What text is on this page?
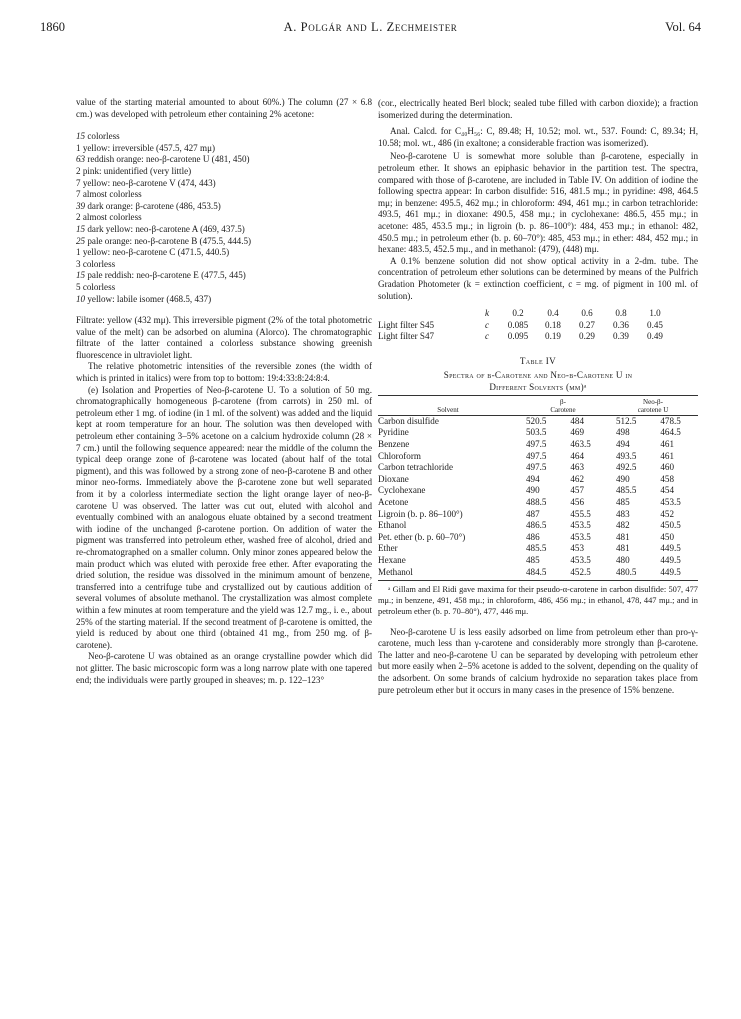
1860	A. Polgár and L. Zechmeister	Vol. 64

value of the starting material amounted to about 60%.) The column (27 × 6.8 cm.) was developed with petroleum ether containing 2% acetone:

15 colorless
1 yellow: irreversible (457.5, 427 mμ)
63 reddish orange: neo-β-carotene U (481, 450)
2 pink: unidentified (very little)
7 yellow: neo-β-carotene V (474, 443)
7 almost colorless
39 dark orange: β-carotene (486, 453.5)
2 almost colorless
15 dark yellow: neo-β-carotene A (469, 437.5)
25 pale orange: neo-β-carotene B (475.5, 444.5)
1 yellow: neo-β-carotene C (471.5, 440.5)
3 colorless
15 pale reddish: neo-β-carotene E (477.5, 445)
5 colorless
10 yellow: labile isomer (468.5, 437)

Filtrate: yellow (432 mμ). This irreversible pigment (2% of the total photometric value of the melt) can be adsorbed on alumina (Alorco). The chromatographic filtrate of the latter contained a colorless substance showing greenish fluorescence in ultraviolet light.

The relative photometric intensities of the reversible zones (the width of which is printed in italics) were from top to bottom: 19:4:33:8:24:8:4.

(e) Isolation and Properties of Neo-β-carotene U. To a solution of 50 mg. chromatographically homogeneous β-carotene (from carrots) in 250 ml. of petroleum ether 1 mg. of iodine (in 1 ml. of the solvent) was added and the liquid kept at room temperature for an hour. The solution was then developed with petroleum ether containing 3–5% acetone on a calcium hydroxide column (28 × 7 cm.) until the following sequence appeared: near the middle of the column the typical deep orange zone of β-carotene was located (about half of the total pigment), and this was followed by a strong zone of neo-β-carotene B and other minor neo-forms. Immediately above the β-carotene zone but well separated from it by a colorless intermediate section the light orange layer of neo-β-carotene U was observed. The latter was cut out, eluted with alcohol and eventually combined with an analogous eluate obtained by a second treatment with iodine of the unchanged β-carotene portion. On addition of water the pigment was transferred into petroleum ether, washed free of alcohol, dried and re-chromatographed on a smaller column. Only minor zones appeared below the main product which was eluted with peroxide free ether. After evaporating the dried solution, the residue was dissolved in the minimum amount of benzene, transferred into a centrifuge tube and crystallized out by cautious addition of several volumes of absolute methanol. The crystallization was almost complete within a few minutes at room temperature and the yield was 12.7 mg., i. e., about 25% of the starting material. If the second treatment of β-carotene is omitted, the yield is reduced by about one third (obtained 41 mg., from 250 mg. of β-carotene).

Neo-β-carotene U was obtained as an orange crystalline powder which did not glitter. The basic microscopic form was a long narrow plate with one tapered end; the individuals were partly grouped in sheaves; m. p. 122–123°

(cor., electrically heated Berl block; sealed tube filled with carbon dioxide); a fraction isomerized during the determination.

Anal. Calcd. for C₄₀H₅₆: C, 89.48; H, 10.52; mol. wt., 537. Found: C, 89.34; H, 10.58; mol. wt., 486 (in exaltone; a considerable fraction was isomerized).

Neo-β-carotene U is somewhat more soluble than β-carotene, especially in petroleum ether. It shows an epiphasic behavior in the partition test. The spectra, compared with those of β-carotene, are included in Table IV. On addition of iodine the following spectra appear: In carbon disulfide: 516, 481.5 mμ.; in pyridine: 498, 464.5 mμ; in benzene: 495.5, 462 mμ.; in chloroform: 494, 461 mμ.; in carbon tetrachloride: 493.5, 461 mμ.; in dioxane: 490.5, 458 mμ.; in cyclohexane: 486.5, 455 mμ.; in acetone: 485, 453.5 mμ.; in ligroin (b. p. 86–100°): 484, 453 mμ.; in ethanol: 482, 450.5 mμ.; in petroleum ether (b. p. 60–70°): 485, 453 mμ.; in ether: 484, 452 mμ.; in hexane: 483.5, 452.5 mμ., and in methanol: (479), (448) mμ.

A 0.1% benzene solution did not show optical activity in a 2-dm. tube. The concentration of petroleum ether solutions can be determined by means of the Pulfrich Gradation Photometer (k = extinction coefficient, c = mg. of pigment in 100 ml. of solution).

	k	0.2	0.4	0.6	0.8	1.0
Light filter S45	c	0.085	0.18	0.27	0.36	0.45
Light filter S47	c	0.095	0.19	0.29	0.39	0.49
Table IV
Spectra of β-Carotene and Neo-β-Carotene U in
Different Solvents (mμ)ᵃ
Solvent	β-
Carotene		Neo-β-
carotene U	
Carbon disulfide	520.5	484	512.5	478.5
Pyridine	503.5	469	498	464.5
Benzene	497.5	463.5	494	461
Chloroform	497.5	464	493.5	461
Carbon tetrachloride	497.5	463	492.5	460
Dioxane	494	462	490	458
Cyclohexane	490	457	485.5	454
Acetone	488.5	456	485	453.5
Ligroin (b. p. 86–100°)	487	455.5	483	452
Ethanol	486.5	453.5	482	450.5
Pet. ether (b. p. 60–70°)	486	453.5	481	450
Ether	485.5	453	481	449.5
Hexane	485	453.5	480	449.5
Methanol	484.5	452.5	480.5	449.5

ᵃ Gillam and El Ridi gave maxima for their pseudo-α-carotene in carbon disulfide: 507, 477 mμ.; in benzene, 491, 458 mμ.; in chloroform, 486, 456 mμ.; in ethanol, 478, 447 mμ.; and in petroleum ether (b. p. 70–80°), 477, 446 mμ.

Neo-β-carotene U is less easily adsorbed on lime from petroleum ether than pro-γ-carotene, much less than γ-carotene and considerably more strongly than β-carotene. The latter and neo-β-carotene U can be separated by developing with petroleum ether but more easily when 2–5% acetone is added to the solvent, depending on the quality of the adsorbent. On some brands of calcium hydroxide no separation takes place from pure petroleum ether but it occurs in many cases in the presence of 15% benzene.
